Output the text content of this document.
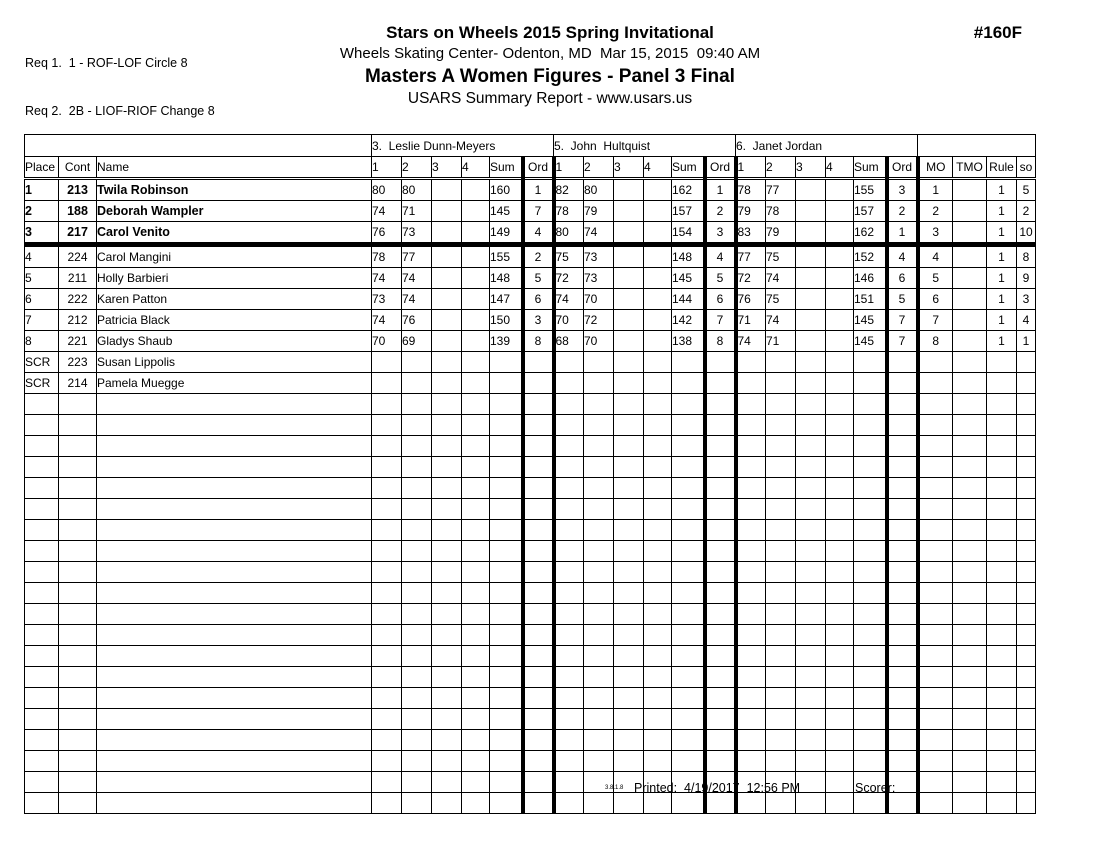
Req 1.  1 - ROF-LOF Circle 8

Req 2.  2B - LIOF-RIOF Change 8

Stars on Wheels 2015 Spring Invitational
Wheels Skating Center- Odenton, MD  Mar 15, 2015  09:40 AM
Masters A Women Figures - Panel 3 Final
USARS Summary Report - www.usars.us
#160F
			3.  Leslie Dunn-Meyers						5.  John  Hultquist						6.  Janet Jordan									
Place	Cont	Name	1	2	3	4	Sum	Ord	1	2	3	4	Sum	Ord	1	2	3	4	Sum	Ord	MO	TMO	Rule	so
1	213	Twila Robinson	80	80			160	1	82	80			162	1	78	77			155	3	1		1	5
2	188	Deborah Wampler	74	71			145	7	78	79			157	2	79	78			157	2	2		1	2
3	217	Carol Venito	76	73			149	4	80	74			154	3	83	79			162	1	3		1	10
4	224	Carol Mangini	78	77			155	2	75	73			148	4	77	75			152	4	4		1	8
5	211	Holly Barbieri	74	74			148	5	72	73			145	5	72	74			146	6	5		1	9
6	222	Karen Patton	73	74			147	6	74	70			144	6	76	75			151	5	6		1	3
7	212	Patricia Black	74	76			150	3	70	72			142	7	71	74			145	7	7		1	4
8	221	Gladys Shaub	70	69			139	8	68	70			138	8	74	71			145	7	8		1	1
SCR	223	Susan Lippolis																						
SCR	214	Pamela Muegge																						

3.8.1.8 Printed:  4/19/2017  12:56 PM	Scorer:
